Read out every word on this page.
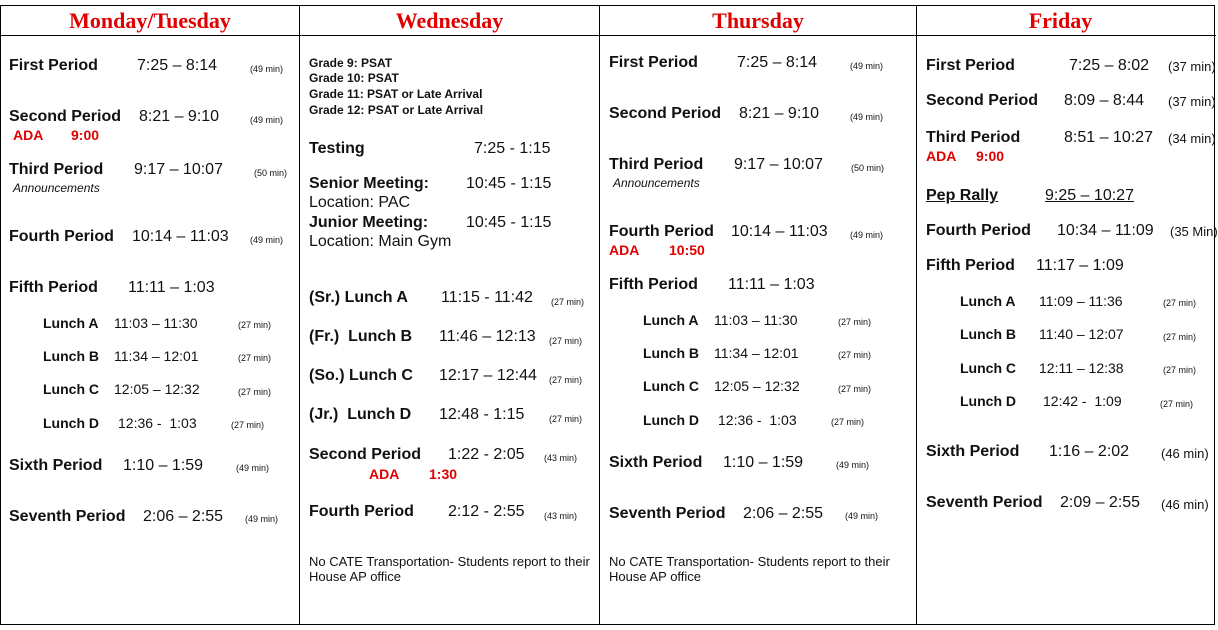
Monday/Tuesday	Wednesday	Thursday	Friday
First Period 7:25 – 8:14	(49 min)
Second Period 8:21 – 9:10	(49 min)
ADA 9:00
Third Period 9:17 – 10:07	(50 min)
Announcements
Fourth Period 10:14 – 11:03 (49 min)
Fifth Period 11:11 – 1:03
Lunch A 11:03 – 11:30	(27 min)
Lunch B 11:34 – 12:01	(27 min)
Lunch C 12:05 – 12:32	(27 min)
Lunch D 12:36 -  1:03	(27 min)
Sixth Period 1:10 – 1:59	(49 min)
Seventh Period 2:06 – 2:55 (49 min)
Grade 9: PSAT
Grade 10: PSAT
Grade 11: PSAT or Late Arrival
Grade 12: PSAT or Late Arrival
Testing	7:25 - 1:15
Senior Meeting: 10:45 - 1:15
Location: PAC
Junior Meeting: 10:45 - 1:15
Location: Main Gym
(Sr.) Lunch A 11:15 - 11:42 (27 min)
(Fr.)  Lunch B 11:46 – 12:13 (27 min)
(So.) Lunch C 12:17 – 12:44 (27 min)
(Jr.)  Lunch D 12:48 - 1:15	(27 min)
Second Period 1:22 - 2:05 (43 min)
ADA 1:30
Fourth Period 2:12 - 2:55 (43 min)
No CATE Transportation- Students report to their House AP office
First Period 7:25 – 8:14	(49 min)
Second Period 8:21 – 9:10	(49 min)
Third Period 9:17 – 10:07	(50 min)
Announcements
Fourth Period 10:14 – 11:03 (49 min)
ADA 10:50
Fifth Period 11:11 – 1:03
Lunch A 11:03 – 11:30	(27 min)
Lunch B 11:34 – 12:01	(27 min)
Lunch C 12:05 – 12:32	(27 min)
Lunch D 12:36 -  1:03	(27 min)
Sixth Period 1:10 – 1:59	(49 min)
Seventh Period 2:06 – 2:55 (49 min)
No CATE Transportation- Students report to their House AP office
First Period	7:25 – 8:02 (37 min)
Second Period 8:09 – 8:44 (37 min)
Third Period	8:51 – 10:27 (34 min)
ADA 9:00
Pep Rally	9:25 – 10:27
Fourth Period 10:34 – 11:09 (35 Min)
Fifth Period 11:17 – 1:09
Lunch A 11:09 – 11:36	(27 min)
Lunch B 11:40 – 12:07	(27 min)
Lunch C 12:11 – 12:38	(27 min)
Lunch D 12:42 -  1:09	(27 min)
Sixth Period 1:16 – 2:02 (46 min)
Seventh Period 2:09 – 2:55 (46 min)
